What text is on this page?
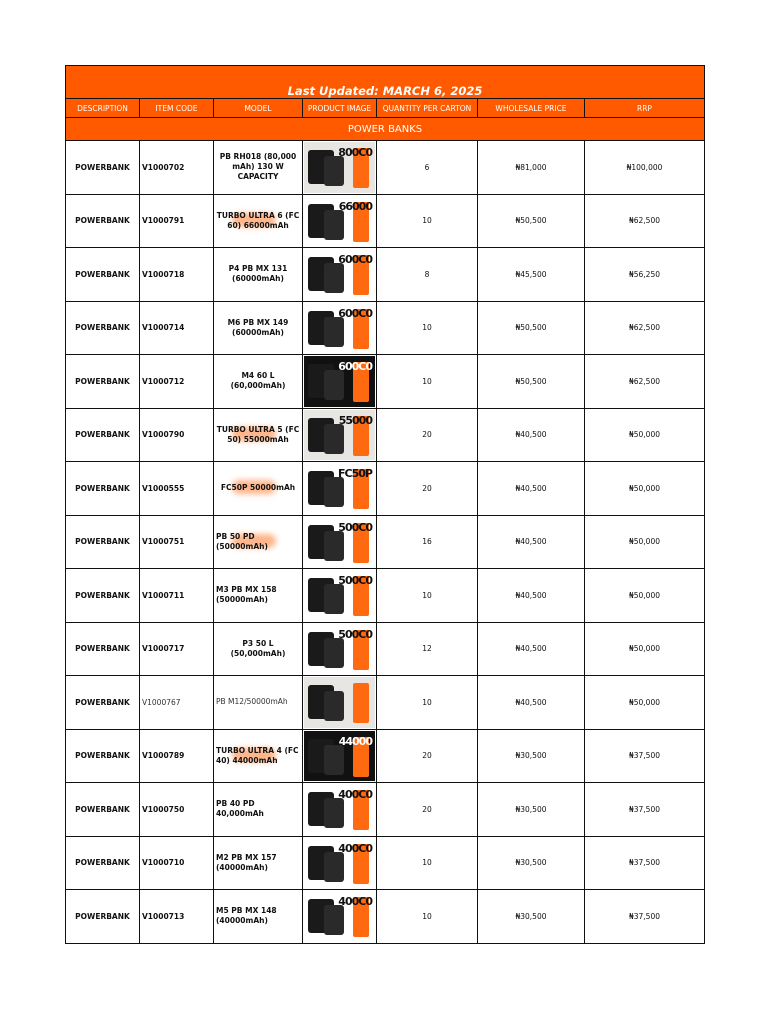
Last Updated: MARCH 6, 2025						
DESCRIPTION	ITEM CODE	MODEL	PRODUCT IMAGE	QUANTITY PER CARTON	WHOLESALE PRICE	RRP
POWER BANKS						
POWERBANK	V1000702	PB RH018 (80,000 mAh) 130 W CAPACITY	800C0	6	₦81,000	₦100,000
POWERBANK	V1000791	TURBO ULTRA 6 (FC 60) 66000mAh	66000	10	₦50,500	₦62,500
POWERBANK	V1000718	P4 PB MX 131 (60000mAh)	600C0	8	₦45,500	₦56,250
POWERBANK	V1000714	M6 PB MX 149 (60000mAh)	600C0	10	₦50,500	₦62,500
POWERBANK	V1000712	M4 60 L (60,000mAh)	600C0	10	₦50,500	₦62,500
POWERBANK	V1000790	TURBO ULTRA 5 (FC 50) 55000mAh	55000	20	₦40,500	₦50,000
POWERBANK	V1000555	FC50P 50000mAh	FC50P	20	₦40,500	₦50,000
POWERBANK	V1000751	PB 50 PD (50000mAh)	500C0	16	₦40,500	₦50,000
POWERBANK	V1000711	M3 PB MX 158 (50000mAh)	500C0	10	₦40,500	₦50,000
POWERBANK	V1000717	P3 50 L (50,000mAh)	500C0	12	₦40,500	₦50,000
POWERBANK	V1000767	PB M12/50000mAh		10	₦40,500	₦50,000
POWERBANK	V1000789	TURBO ULTRA 4 (FC 40) 44000mAh	44000	20	₦30,500	₦37,500
POWERBANK	V1000750	PB 40 PD 40,000mAh	400C0	20	₦30,500	₦37,500
POWERBANK	V1000710	M2 PB MX 157 (40000mAh)	400C0	10	₦30,500	₦37,500
POWERBANK	V1000713	M5 PB MX 148 (40000mAh)	400C0	10	₦30,500	₦37,500
